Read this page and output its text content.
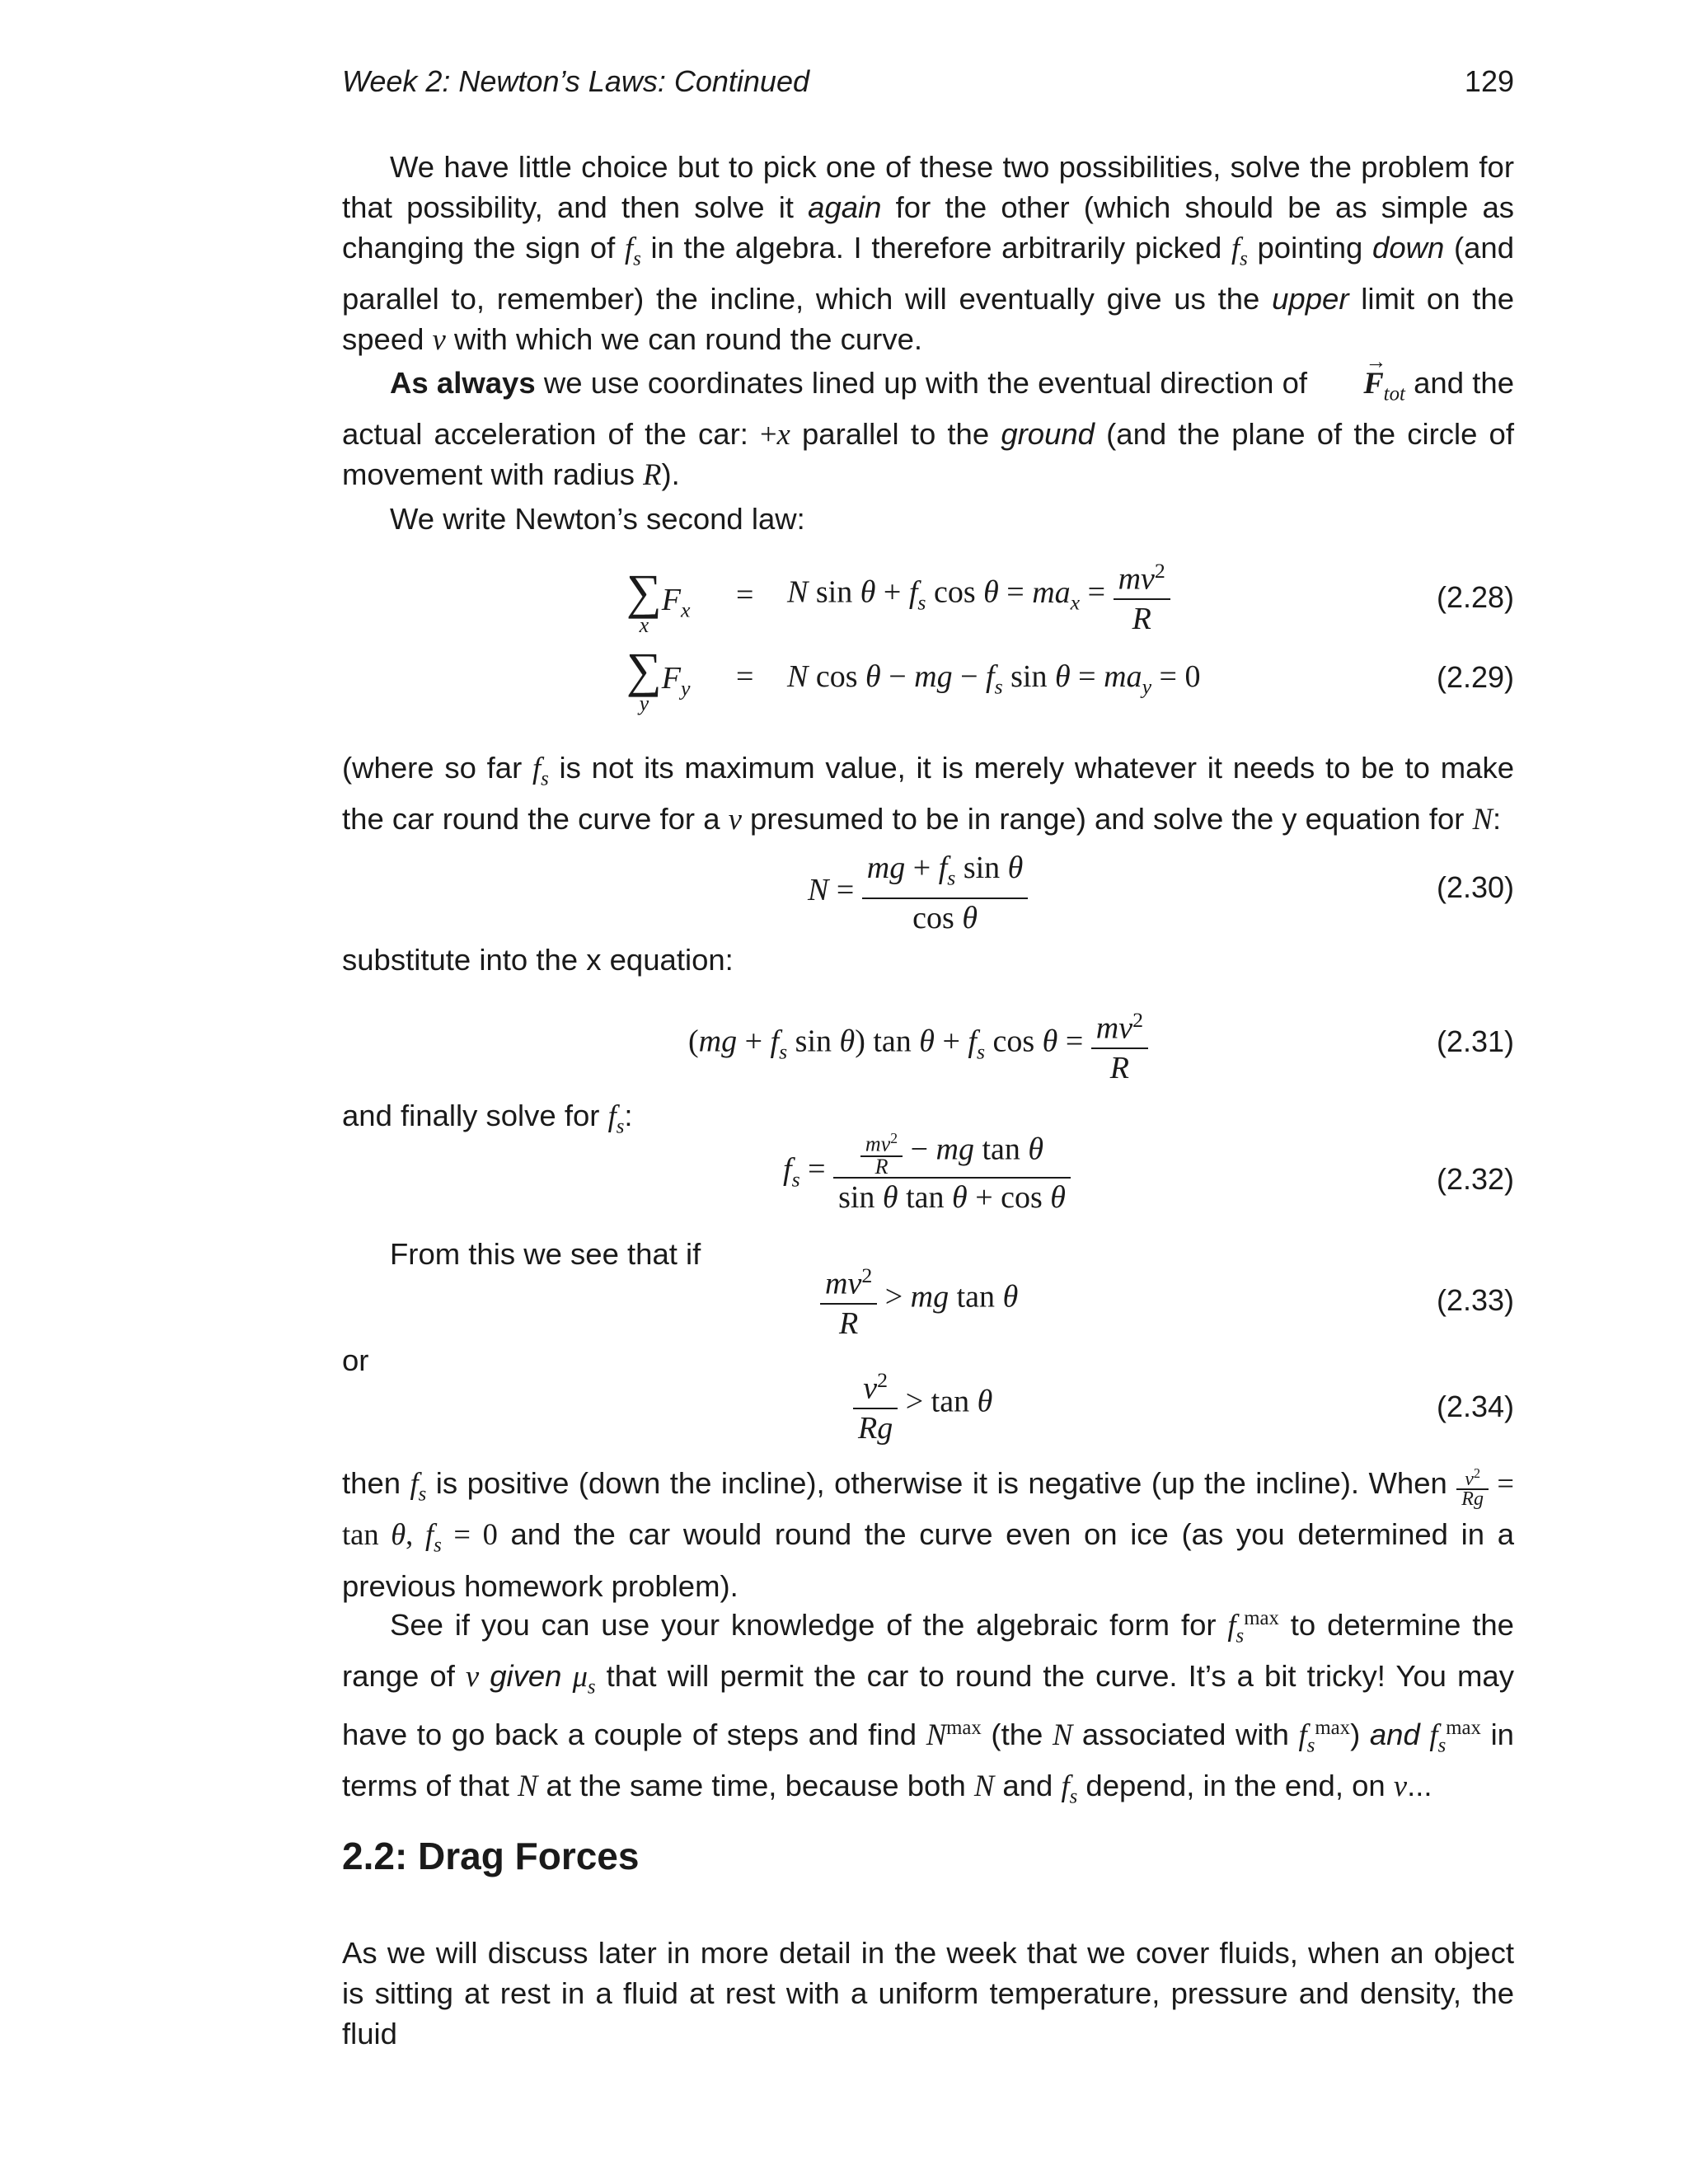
Week 2: Newton’s Laws: Continued	129

We have little choice but to pick one of these two possibilities, solve the problem for that possibility, and then solve it again for the other (which should be as simple as changing the sign of $f_s$ in the algebra. I therefore arbitrarily picked $f_s$ pointing down (and parallel to, remember) the incline, which will eventually give us the upper limit on the speed v with which we can round the curve.

As always we use coordinates lined up with the eventual direction of → $F_{tot}$ and the actual acceleration of the car: +x parallel to the ground (and the plane of the circle of movement with radius R).

We write Newton’s second law:

∑
x
$F_x = N$ $\sin \theta + f_s$ $\cos \theta = ma_x = \frac{mv^2}{R}$	(2.28)
∑
y
$F_y = N$ cos θ − mg − $f_s$ $\sin \theta = ma_y = 0$	(2.29)

(where so far $f_s$ is not its maximum value, it is merely whatever it needs to be to make the car round the curve for a v presumed to be in range) and solve the y equation for N:

$N = \frac{mg + f_s \sin \theta}{\text{cos θ}}$	(2.30)

substitute into the x equation:

($mg + f_s$ sin θ) $\tan \theta + f_s$ $\cos \theta = \frac{mv^2}{R}$	(2.31)

and finally solve for $f_s$:

$f_s = \frac{\frac{mv^2}{R} - mg \tan \theta}{\text{sin θ tan θ + cos θ}}$	(2.32)

From this we see that if

$\frac{mv^2}{R}$ > mg tan θ	(2.33)

or

$\frac{v^2}{Rg} > \tan \theta$	(2.34)

then $f_s$ is positive (down the incline), otherwise it is negative (up the incline). When $\frac{v^2}{Rg} = \tan \theta$, $f_s = 0$ and the car would round the curve even on ice (as you determined in a previous homework problem).

See if you can use your knowledge of the algebraic form for $f_s^{max}$ to determine the range of v given $\mu_s$ that will permit the car to round the curve. It’s a bit tricky! You may have to go back a couple of steps and find $N^{max}$ (the N associated with $f_s^{max}$) and $f_s^{max}$ in terms of that N at the same time, because both N and $f_s$ depend, in the end, on v...

2.2: Drag Forces

As we will discuss later in more detail in the week that we cover fluids, when an object is sitting at rest in a fluid at rest with a uniform temperature, pressure and density, the fluid
